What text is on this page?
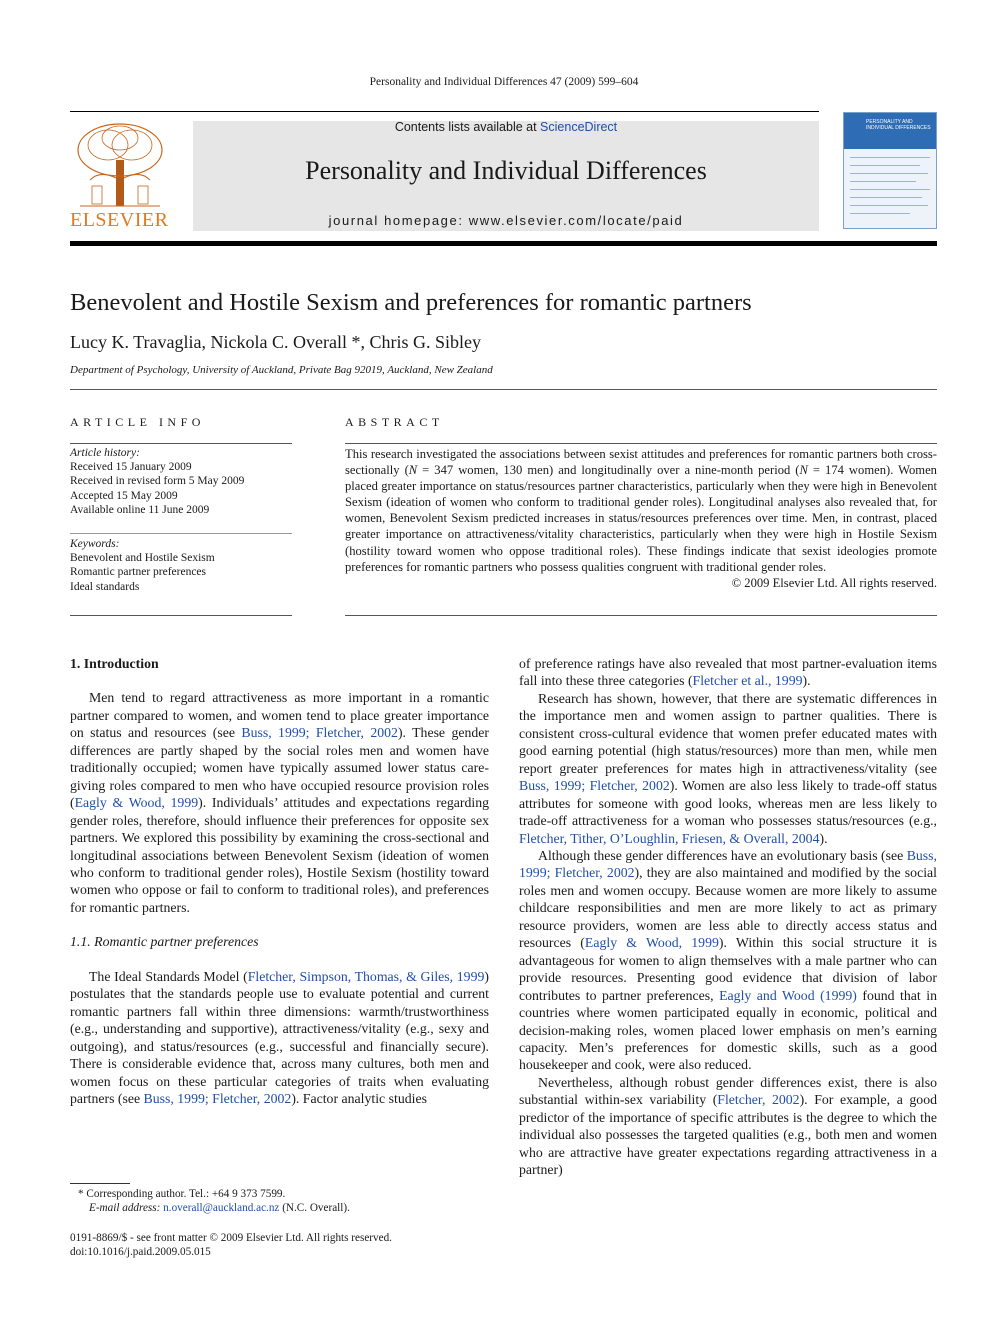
Personality and Individual Differences 47 (2009) 599–604
ELSEVIER
Contents lists available at ScienceDirect
Personality and Individual Differences
journal homepage: www.elsevier.com/locate/paid
PERSONALITY AND INDIVIDUAL DIFFERENCES
Benevolent and Hostile Sexism and preferences for romantic partners
Lucy K. Travaglia, Nickola C. Overall *, Chris G. Sibley
Department of Psychology, University of Auckland, Private Bag 92019, Auckland, New Zealand
ARTICLE INFO
Article history:
Received 15 January 2009
Received in revised form 5 May 2009
Accepted 15 May 2009
Available online 11 June 2009
Keywords:
Benevolent and Hostile Sexism
Romantic partner preferences
Ideal standards
ABSTRACT
This research investigated the associations between sexist attitudes and preferences for romantic partners both cross-sectionally (N = 347 women, 130 men) and longitudinally over a nine-month period (N = 174 women). Women placed greater importance on status/resources partner characteristics, particularly when they were high in Benevolent Sexism (ideation of women who conform to traditional gender roles). Longitudinal analyses also revealed that, for women, Benevolent Sexism predicted increases in status/resources preferences over time. Men, in contrast, placed greater importance on attractiveness/vitality characteristics, particularly when they were high in Hostile Sexism (hostility toward women who oppose traditional roles). These findings indicate that sexist ideologies promote preferences for romantic partners who possess qualities congruent with traditional gender roles.
© 2009 Elsevier Ltd. All rights reserved.
1. Introduction

Men tend to regard attractiveness as more important in a romantic partner compared to women, and women tend to place greater importance on status and resources (see Buss, 1999; Fletcher, 2002). These gender differences are partly shaped by the social roles men and women have traditionally occupied; women have typically assumed lower status care-giving roles compared to men who have occupied resource provision roles (Eagly & Wood, 1999). Individuals’ attitudes and expectations regarding gender roles, therefore, should influence their preferences for opposite sex partners. We explored this possibility by examining the cross-sectional and longitudinal associations between Benevolent Sexism (ideation of women who conform to traditional gender roles), Hostile Sexism (hostility toward women who oppose or fail to conform to traditional roles), and preferences for romantic partners.

1.1. Romantic partner preferences

The Ideal Standards Model (Fletcher, Simpson, Thomas, & Giles, 1999) postulates that the standards people use to evaluate potential and current romantic partners fall within three dimensions: warmth/trustworthiness (e.g., understanding and supportive), attractiveness/vitality (e.g., sexy and outgoing), and status/resources (e.g., successful and financially secure). There is considerable evidence that, across many cultures, both men and women focus on these particular categories of traits when evaluating partners (see Buss, 1999; Fletcher, 2002). Factor analytic studies

of preference ratings have also revealed that most partner-evaluation items fall into these three categories (Fletcher et al., 1999).

Research has shown, however, that there are systematic differences in the importance men and women assign to partner qualities. There is consistent cross-cultural evidence that women prefer educated mates with good earning potential (high status/resources) more than men, while men report greater preferences for mates high in attractiveness/vitality (see Buss, 1999; Fletcher, 2002). Women are also less likely to trade-off status attributes for someone with good looks, whereas men are less likely to trade-off attractiveness for a woman who possesses status/resources (e.g., Fletcher, Tither, O’Loughlin, Friesen, & Overall, 2004).

Although these gender differences have an evolutionary basis (see Buss, 1999; Fletcher, 2002), they are also maintained and modified by the social roles men and women occupy. Because women are more likely to assume childcare responsibilities and men are more likely to act as primary resource providers, women are less able to directly access status and resources (Eagly & Wood, 1999). Within this social structure it is advantageous for women to align themselves with a male partner who can provide resources. Presenting good evidence that division of labor contributes to partner preferences, Eagly and Wood (1999) found that in countries where women participated equally in economic, political and decision-making roles, women placed lower emphasis on men’s earning capacity. Men’s preferences for domestic skills, such as a good housekeeper and cook, were also reduced.

Nevertheless, although robust gender differences exist, there is also substantial within-sex variability (Fletcher, 2002). For example, a good predictor of the importance of specific attributes is the degree to which the individual also possesses the targeted qualities (e.g., both men and women who are attractive have greater expectations regarding attractiveness in a partner)

* Corresponding author. Tel.: +64 9 373 7599.
E-mail address: n.overall@auckland.ac.nz (N.C. Overall).
0191-8869/$ - see front matter © 2009 Elsevier Ltd. All rights reserved.
doi:10.1016/j.paid.2009.05.015
